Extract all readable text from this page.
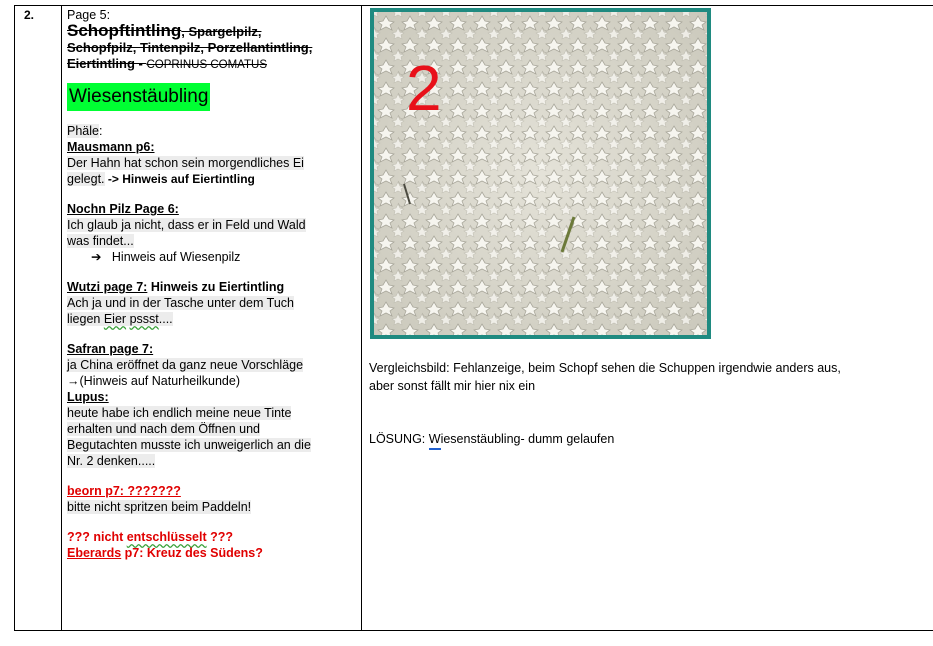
2.	Page 5:
Schopftintling, Spargelpilz,
Schopfpilz, Tintenpilz, Porzellantintling,
Eiertintling - COPRINUS COMATUS
Wiesenstäubling
Phäle:
Mausmann p6:
Der Hahn hat schon sein morgendliches Ei
gelegt. -> Hinweis auf Eiertintling
Nochn Pilz Page 6:
Ich glaub ja nicht, dass er in Feld und Wald
was findet...
➔ Hinweis auf Wiesenpilz
Wutzi page 7: Hinweis zu Eiertintling
Ach ja und in der Tasche unter dem Tuch
liegen Eier pssst....
Safran page 7:
ja China eröffnet da ganz neue Vorschläge
→(Hinweis auf Naturheilkunde)
Lupus:
heute habe ich endlich meine neue Tinte
erhalten und nach dem Öffnen und
Begutachten musste ich unweigerlich an die
Nr. 2 denken.....
beorn p7: ???????
bitte nicht spritzen beim Paddeln!
??? nicht entschlüsselt ???
Eberards p7: Kreuz des Südens?
2
Vergleichsbild: Fehlanzeige, beim Schopf sehen die Schuppen irgendwie anders aus,
aber sonst fällt mir hier nix ein
LÖSUNG: Wiesenstäubling- dumm gelaufen
